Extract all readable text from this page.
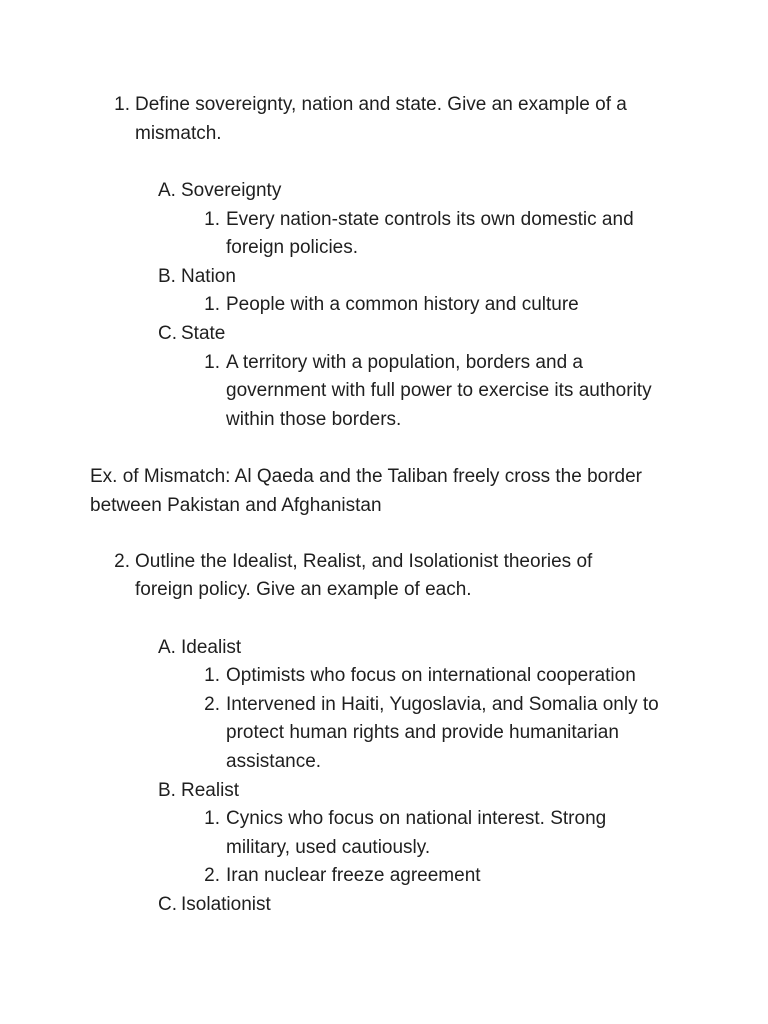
1. Define sovereignty, nation and state. Give an example of a
mismatch.
A. Sovereignty
1. Every nation-state controls its own domestic and
foreign policies.
B. Nation
1. People with a common history and culture
C. State
1. A territory with a population, borders and a
government with full power to exercise its authority
within those borders.
Ex. of Mismatch: Al Qaeda and the Taliban freely cross the border
between Pakistan and Afghanistan
2. Outline the Idealist, Realist, and Isolationist theories of
foreign policy. Give an example of each.
A. Idealist
1. Optimists who focus on international cooperation
2. Intervened in Haiti, Yugoslavia, and Somalia only to
protect human rights and provide humanitarian
assistance.
B. Realist
1. Cynics who focus on national interest. Strong
military, used cautiously.
2. Iran nuclear freeze agreement
C. Isolationist
